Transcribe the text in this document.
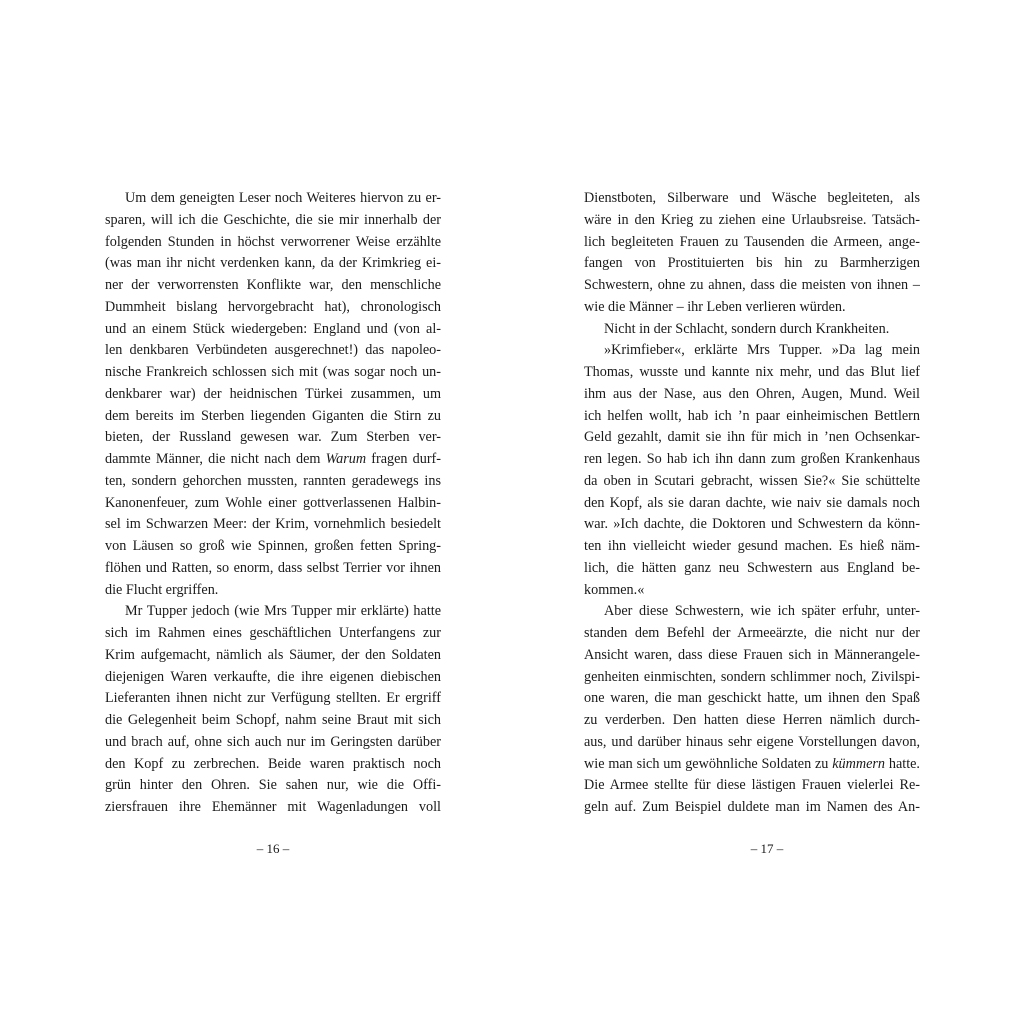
Um dem geneigten Leser noch Weiteres hiervon zu er-
sparen, will ich die Geschichte, die sie mir innerhalb der
folgenden Stunden in höchst verworrener Weise erzählte
(was man ihr nicht verdenken kann, da der Krimkrieg ei-
ner der verworrensten Konflikte war, den menschliche
Dummheit bislang hervorgebracht hat), chronologisch
und an einem Stück wiedergeben: England und (von al-
len denkbaren Verbündeten ausgerechnet!) das napoleo-
nische Frankreich schlossen sich mit (was sogar noch un-
denkbarer war) der heidnischen Türkei zusammen, um
dem bereits im Sterben liegenden Giganten die Stirn zu
bieten, der Russland gewesen war. Zum Sterben ver-
dammte Männer, die nicht nach dem Warum fragen durf-
ten, sondern gehorchen mussten, rannten geradewegs ins
Kanonenfeuer, zum Wohle einer gottverlassenen Halbin-
sel im Schwarzen Meer: der Krim, vornehmlich besiedelt
von Läusen so groß wie Spinnen, großen fetten Spring-
flöhen und Ratten, so enorm, dass selbst Terrier vor ihnen
die Flucht ergriffen.
Mr Tupper jedoch (wie Mrs Tupper mir erklärte) hatte
sich im Rahmen eines geschäftlichen Unterfangens zur
Krim aufgemacht, nämlich als Säumer, der den Soldaten
diejenigen Waren verkaufte, die ihre eigenen diebischen
Lieferanten ihnen nicht zur Verfügung stellten. Er ergriff
die Gelegenheit beim Schopf, nahm seine Braut mit sich
und brach auf, ohne sich auch nur im Geringsten darüber
den Kopf zu zerbrechen. Beide waren praktisch noch
grün hinter den Ohren. Sie sahen nur, wie die Offi-
ziersfrauen ihre Ehemänner mit Wagenladungen voll
Dienstboten, Silberware und Wäsche begleiteten, als
wäre in den Krieg zu ziehen eine Urlaubsreise. Tatsäch-
lich begleiteten Frauen zu Tausenden die Armeen, ange-
fangen von Prostituierten bis hin zu Barmherzigen
Schwestern, ohne zu ahnen, dass die meisten von ihnen –
wie die Männer – ihr Leben verlieren würden.
Nicht in der Schlacht, sondern durch Krankheiten.
»Krimfieber«, erklärte Mrs Tupper. »Da lag mein
Thomas, wusste und kannte nix mehr, und das Blut lief
ihm aus der Nase, aus den Ohren, Augen, Mund. Weil
ich helfen wollt, hab ich ’n paar einheimischen Bettlern
Geld gezahlt, damit sie ihn für mich in ’nen Ochsenkar-
ren legen. So hab ich ihn dann zum großen Krankenhaus
da oben in Scutari gebracht, wissen Sie?« Sie schüttelte
den Kopf, als sie daran dachte, wie naiv sie damals noch
war. »Ich dachte, die Doktoren und Schwestern da könn-
ten ihn vielleicht wieder gesund machen. Es hieß näm-
lich, die hätten ganz neu Schwestern aus England be-
kommen.«
Aber diese Schwestern, wie ich später erfuhr, unter-
standen dem Befehl der Armeeärzte, die nicht nur der
Ansicht waren, dass diese Frauen sich in Männerangele-
genheiten einmischten, sondern schlimmer noch, Zivilspi-
one waren, die man geschickt hatte, um ihnen den Spaß
zu verderben. Den hatten diese Herren nämlich durch-
aus, und darüber hinaus sehr eigene Vorstellungen davon,
wie man sich um gewöhnliche Soldaten zu kümmern hatte.
Die Armee stellte für diese lästigen Frauen vielerlei Re-
geln auf. Zum Beispiel duldete man im Namen des An-
– 16 –	– 17 –
